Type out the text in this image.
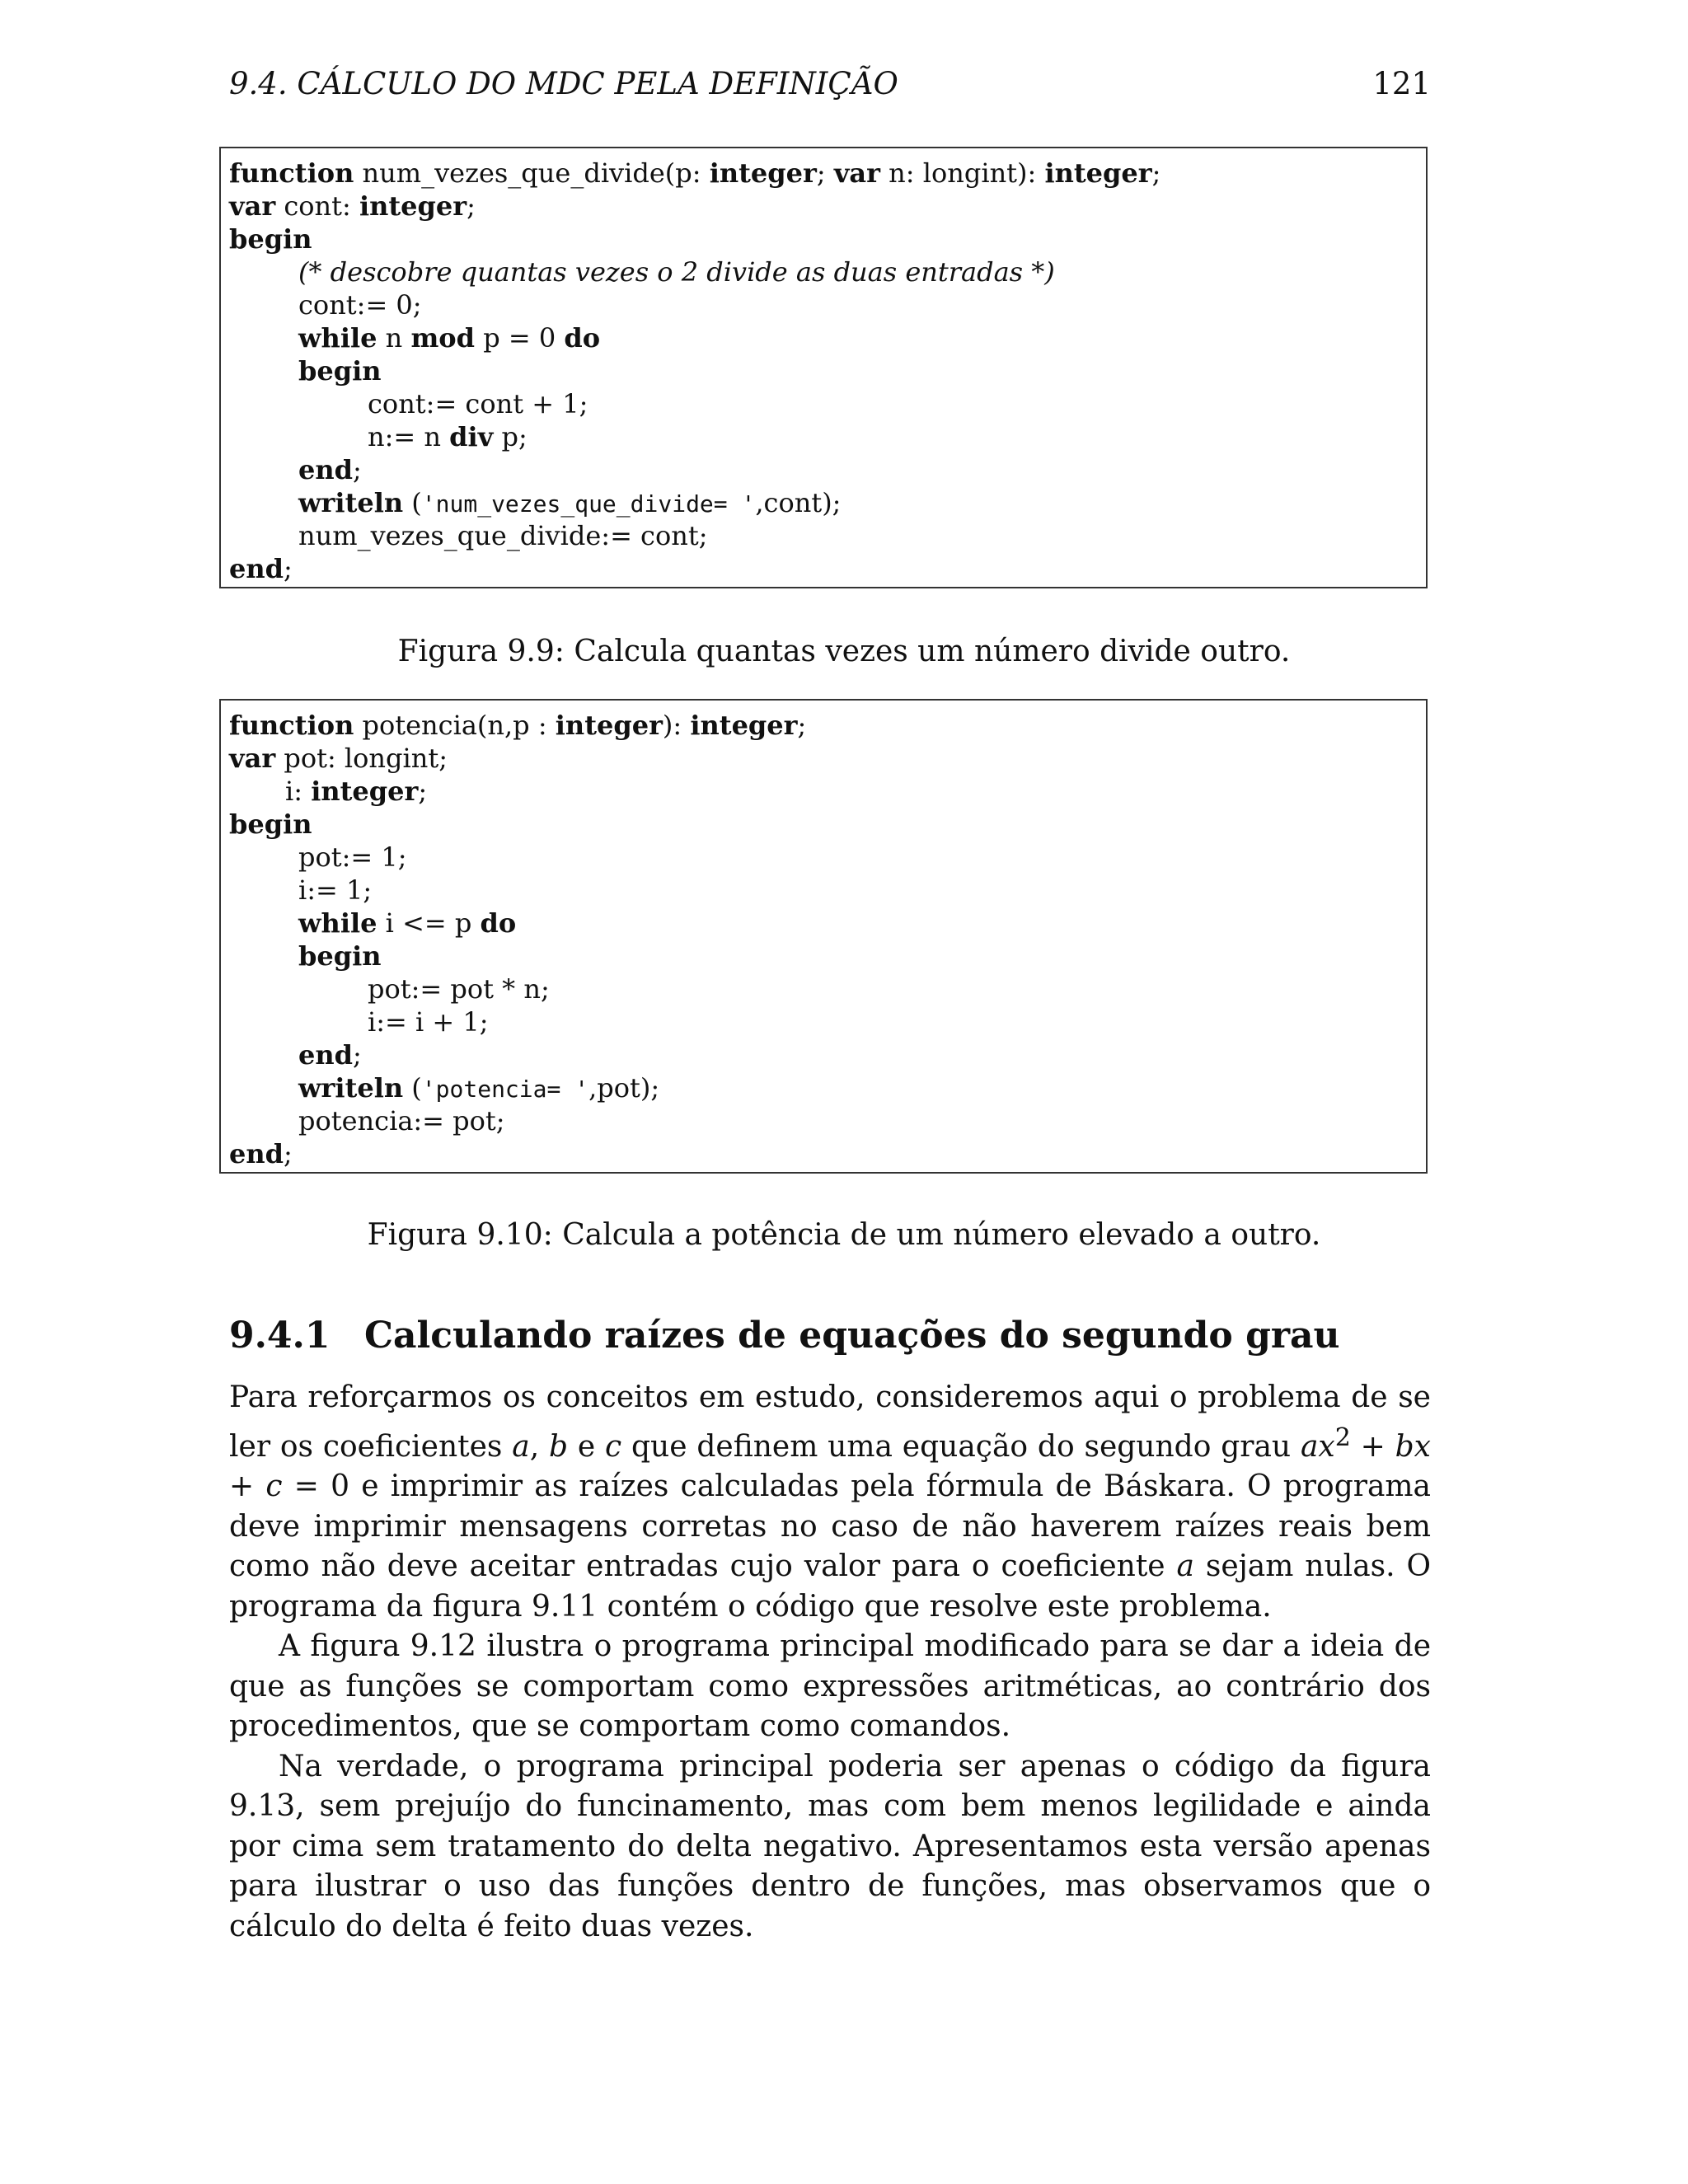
9.4. CÁLCULO DO MDC PELA DEFINIÇÃO	121
function num_vezes_que_divide(p: integer; var n: longint): integer;
var cont: integer;
begin
(* descobre quantas vezes o 2 divide as duas entradas *)
cont:= 0;
while n mod p = 0 do
begin
cont:= cont + 1;
n:= n div p;
end;
writeln ('num_vezes_que_divide= ',cont);
num_vezes_que_divide:= cont;
end;
Figura 9.9: Calcula quantas vezes um número divide outro.
function potencia(n,p : integer): integer;
var pot: longint;
i: integer;
begin
pot:= 1;
i:= 1;
while i <= p do
begin
pot:= pot * n;
i:= i + 1;
end;
writeln ('potencia= ',pot);
potencia:= pot;
end;
Figura 9.10: Calcula a potência de um número elevado a outro.
9.4.1 Calculando raízes de equações do segundo grau

Para reforçarmos os conceitos em estudo, consideremos aqui o problema de se ler os coeficientes a, b e c que definem uma equação do segundo grau $ax^2$ + bx + c = 0 e imprimir as raízes calculadas pela fórmula de Báskara. O programa deve imprimir mensagens corretas no caso de não haverem raízes reais bem como não deve aceitar entradas cujo valor para o coeficiente a sejam nulas. O programa da figura 9.11 contém o código que resolve este problema.

A figura 9.12 ilustra o programa principal modificado para se dar a ideia de que as funções se comportam como expressões aritméticas, ao contrário dos procedimentos, que se comportam como comandos.

Na verdade, o programa principal poderia ser apenas o código da figura 9.13, sem prejuíjo do funcinamento, mas com bem menos legilidade e ainda por cima sem tratamento do delta negativo. Apresentamos esta versão apenas para ilustrar o uso das funções dentro de funções, mas observamos que o cálculo do delta é feito duas vezes.
